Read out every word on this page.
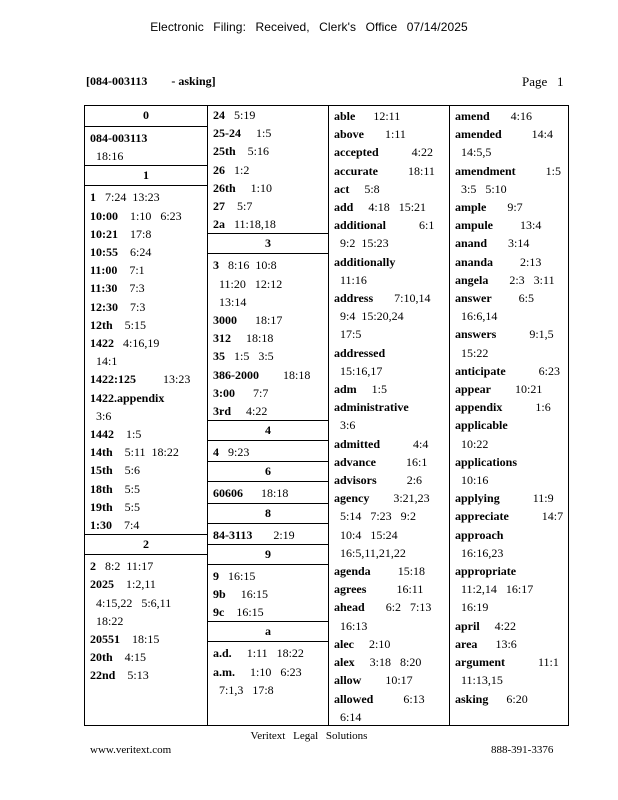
Electronic Filing: Received, Clerk's Office 07/14/2025
[084-003113        - asking]	Page   1
0
084-003113
18:16
1
1   7:24  13:23
10:00    1:10   6:23
10:21    17:8
10:55    6:24
11:00    7:1
11:30    7:3
12:30    7:3
12th    5:15
1422   4:16,19
14:1
1422:125         13:23
1422.appendix
3:6
1442    1:5
14th    5:11  18:22
15th    5:6
18th    5:5
19th    5:5
1:30    7:4
2
2   8:2  11:17
2025    1:2,11
4:15,22   5:6,11
18:22
20551    18:15
20th    4:15
22nd    5:13
24   5:19
25-24     1:5
25th    5:16
26   1:2
26th     1:10
27    5:7
2a   11:18,18
3
3   8:16  10:8
11:20   12:12
13:14
3000      18:17
312     18:18
35   1:5   3:5
386-2000        18:18
3:00      7:7
3rd     4:22
4
4   9:23
6
60606      18:18
8
84-3113       2:19
9
9   16:15
9b     16:15
9c    16:15
a
a.d.     1:11   18:22
a.m.     1:10   6:23
7:1,3   17:8
able      12:11
above       1:11
accepted           4:22
accurate          18:11
act     5:8
add     4:18   15:21
additional           6:1
9:2  15:23
additionally
11:16
address       7:10,14
9:4  15:20,24
17:5
addressed
15:16,17
adm     1:5
administrative
3:6
admitted           4:4
advance          16:1
advisors          2:6
agency        3:21,23
5:14   7:23   9:2
10:4   15:24
16:5,11,21,22
agenda         15:18
agrees          16:11
ahead       6:2   7:13
16:13
alec     2:10
alex     3:18   8:20
allow        10:17
allowed          6:13
6:14
amend       4:16
amended          14:4
14:5,5
amendment          1:5
3:5   5:10
ample       9:7
ampule         13:4
anand       3:14
ananda         2:13
angela       2:3   3:11
answer         6:5
16:6,14
answers           9:1,5
15:22
anticipate           6:23
appear        10:21
appendix           1:6
applicable
10:22
applications
10:16
applying           11:9
appreciate           14:7
approach
16:16,23
appropriate
11:2,14   16:17
16:19
april     4:22
area      13:6
argument           11:1
11:13,15
asking      6:20
Veritext Legal Solutions
www.veritext.com	888-391-3376
